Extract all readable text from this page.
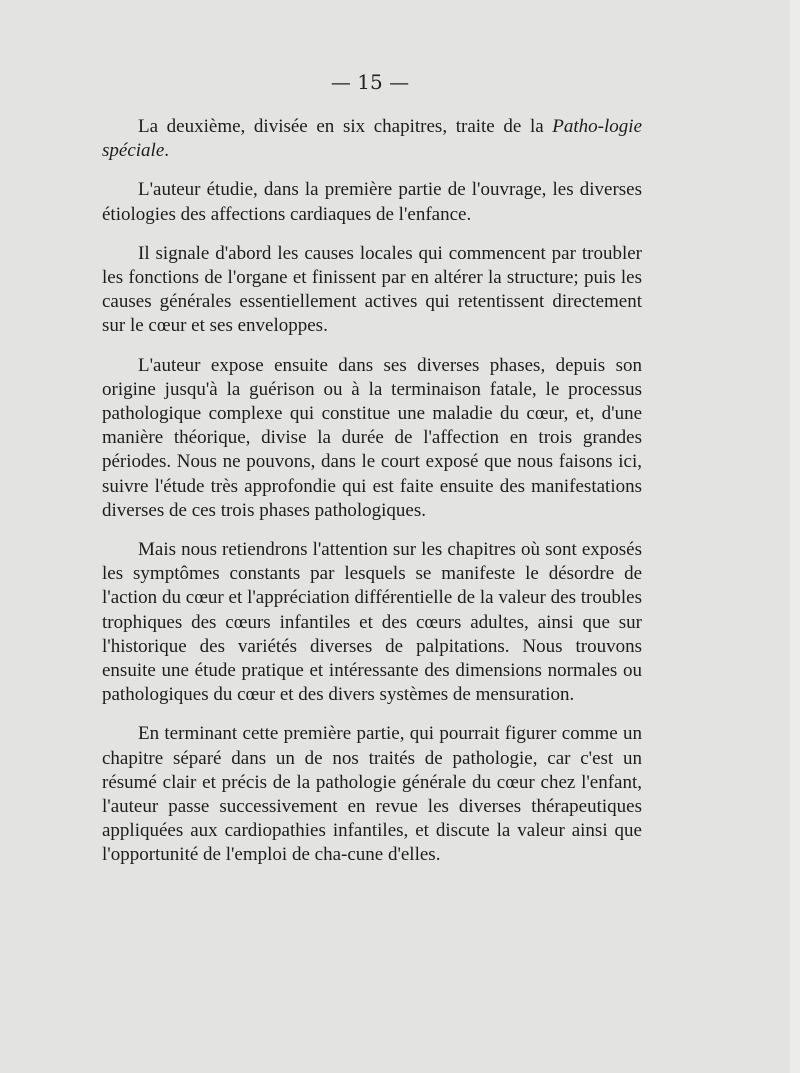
— 15 —

La deuxième, divisée en six chapitres, traite de la Patho-logie spéciale.

L'auteur étudie, dans la première partie de l'ouvrage, les diverses étiologies des affections cardiaques de l'enfance.

Il signale d'abord les causes locales qui commencent par troubler les fonctions de l'organe et finissent par en altérer la structure; puis les causes générales essentiellement actives qui retentissent directement sur le cœur et ses enveloppes.

L'auteur expose ensuite dans ses diverses phases, depuis son origine jusqu'à la guérison ou à la terminaison fatale, le processus pathologique complexe qui constitue une maladie du cœur, et, d'une manière théorique, divise la durée de l'affection en trois grandes périodes. Nous ne pouvons, dans le court exposé que nous faisons ici, suivre l'étude très approfondie qui est faite ensuite des manifestations diverses de ces trois phases pathologiques.

Mais nous retiendrons l'attention sur les chapitres où sont exposés les symptômes constants par lesquels se manifeste le désordre de l'action du cœur et l'appréciation différentielle de la valeur des troubles trophiques des cœurs infantiles et des cœurs adultes, ainsi que sur l'historique des variétés diverses de palpitations. Nous trouvons ensuite une étude pratique et intéressante des dimensions normales ou pathologiques du cœur et des divers systèmes de mensuration.

En terminant cette première partie, qui pourrait figurer comme un chapitre séparé dans un de nos traités de pathologie, car c'est un résumé clair et précis de la pathologie générale du cœur chez l'enfant, l'auteur passe successivement en revue les diverses thérapeutiques appliquées aux cardiopathies infantiles, et discute la valeur ainsi que l'opportunité de l'emploi de cha-cune d'elles.
